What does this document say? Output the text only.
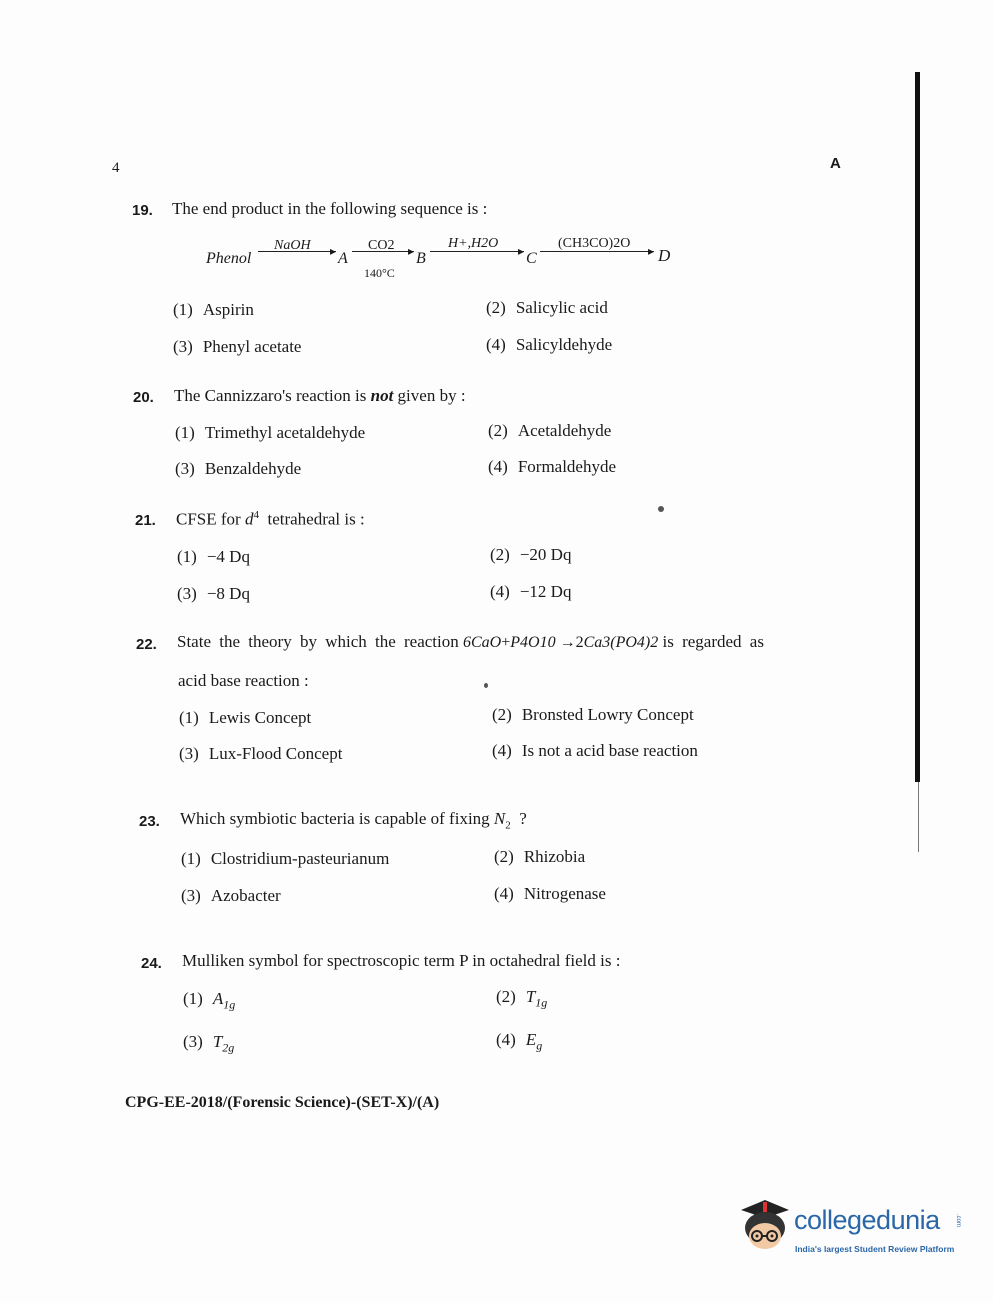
4	A
19. The end product in the following sequence is :
Phenol
NaOH ▸ A
CO2 ▸
140°C
B
H+,H2O ▸ C
(CH3CO)2O ▸ D
(1) Aspirin	(2) Salicylic acid
(3) Phenyl acetate	(4) Salicyldehyde
20. The Cannizzaro's reaction is not given by :
(1) Trimethyl acetaldehyde	(2) Acetaldehyde
(3) Benzaldehyde	(4) Formaldehyde
21. CFSE for $d^4$ tetrahedral is :
(1) −4 Dq	(2) −20 Dq
(3) −8 Dq	(4) −12 Dq
22. State the theory by which the reaction 6CaO+P4O10 →2Ca3(PO4)2 is regarded as
acid base reaction :
(1) Lewis Concept	(2) Bronsted Lowry Concept
(3) Lux-Flood Concept	(4) Is not a acid base reaction
23. Which symbiotic bacteria is capable of fixing $N_2$ ?
(1) Clostridium-pasteurianum	(2) Rhizobia
(3) Azobacter	(4) Nitrogenase
24. Mulliken symbol for spectroscopic term P in octahedral field is :
(1) $A_{1g}$	(2) $T_{1g}$
(3) $T_{2g}$	(4) $E_g$
CPG-EE-2018/(Forensic Science)-(SET-X)/(A)
collegedunia	.com
India's largest Student Review Platform
